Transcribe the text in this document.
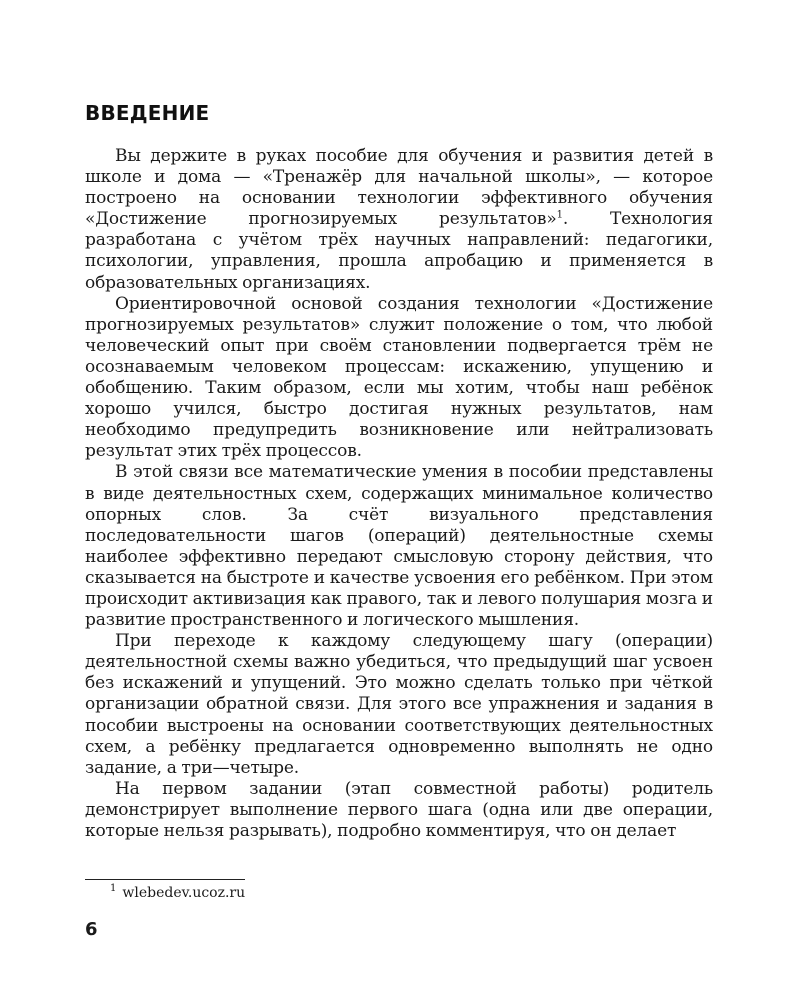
ВВЕДЕНИЕ

Вы держите в руках пособие для обучения и развития детей в школе и дома — «Тренажёр для начальной школы», — которое построено на основании технологии эффективного обучения «Достижение прогнозируемых результатов»$^1$. Технология разработана с учётом трёх научных направлений: педагогики, психологии, управления, прошла апробацию и применяется в образовательных организациях.

Ориентировочной основой создания технологии «Достижение прогнозируемых результатов» служит положение о том, что любой человеческий опыт при своём становлении подвергается трём не осознаваемым человеком процессам: искажению, упущению и обобщению. Таким образом, если мы хотим, чтобы наш ребёнок хорошо учился, быстро достигая нужных результатов, нам необходимо предупредить возникновение или нейтрализовать результат этих трёх процессов.

В этой связи все математические умения в пособии представлены в виде деятельностных схем, содержащих минимальное количество опорных слов. За счёт визуального представления последовательности шагов (операций) деятельностные схемы наиболее эффективно передают смысловую сторону действия, что сказывается на быстроте и качестве усвоения его ребёнком. При этом происходит активизация как правого, так и левого полушария мозга и развитие пространственного и логического мышления.

При переходе к каждому следующему шагу (операции) деятельностной схемы важно убедиться, что предыдущий шаг усвоен без искажений и упущений. Это можно сделать только при чёткой организации обратной связи. Для этого все упражнения и задания в пособии выстроены на основании соответствующих деятельностных схем, а ребёнку предлагается одновременно выполнять не одно задание, а три—четыре.

На первом задании (этап совместной работы) родитель демонстрирует выполнение первого шага (одна или две операции, которые нельзя разрывать), подробно комментируя, что он делает

$^1$ wlebedev.ucoz.ru
6
